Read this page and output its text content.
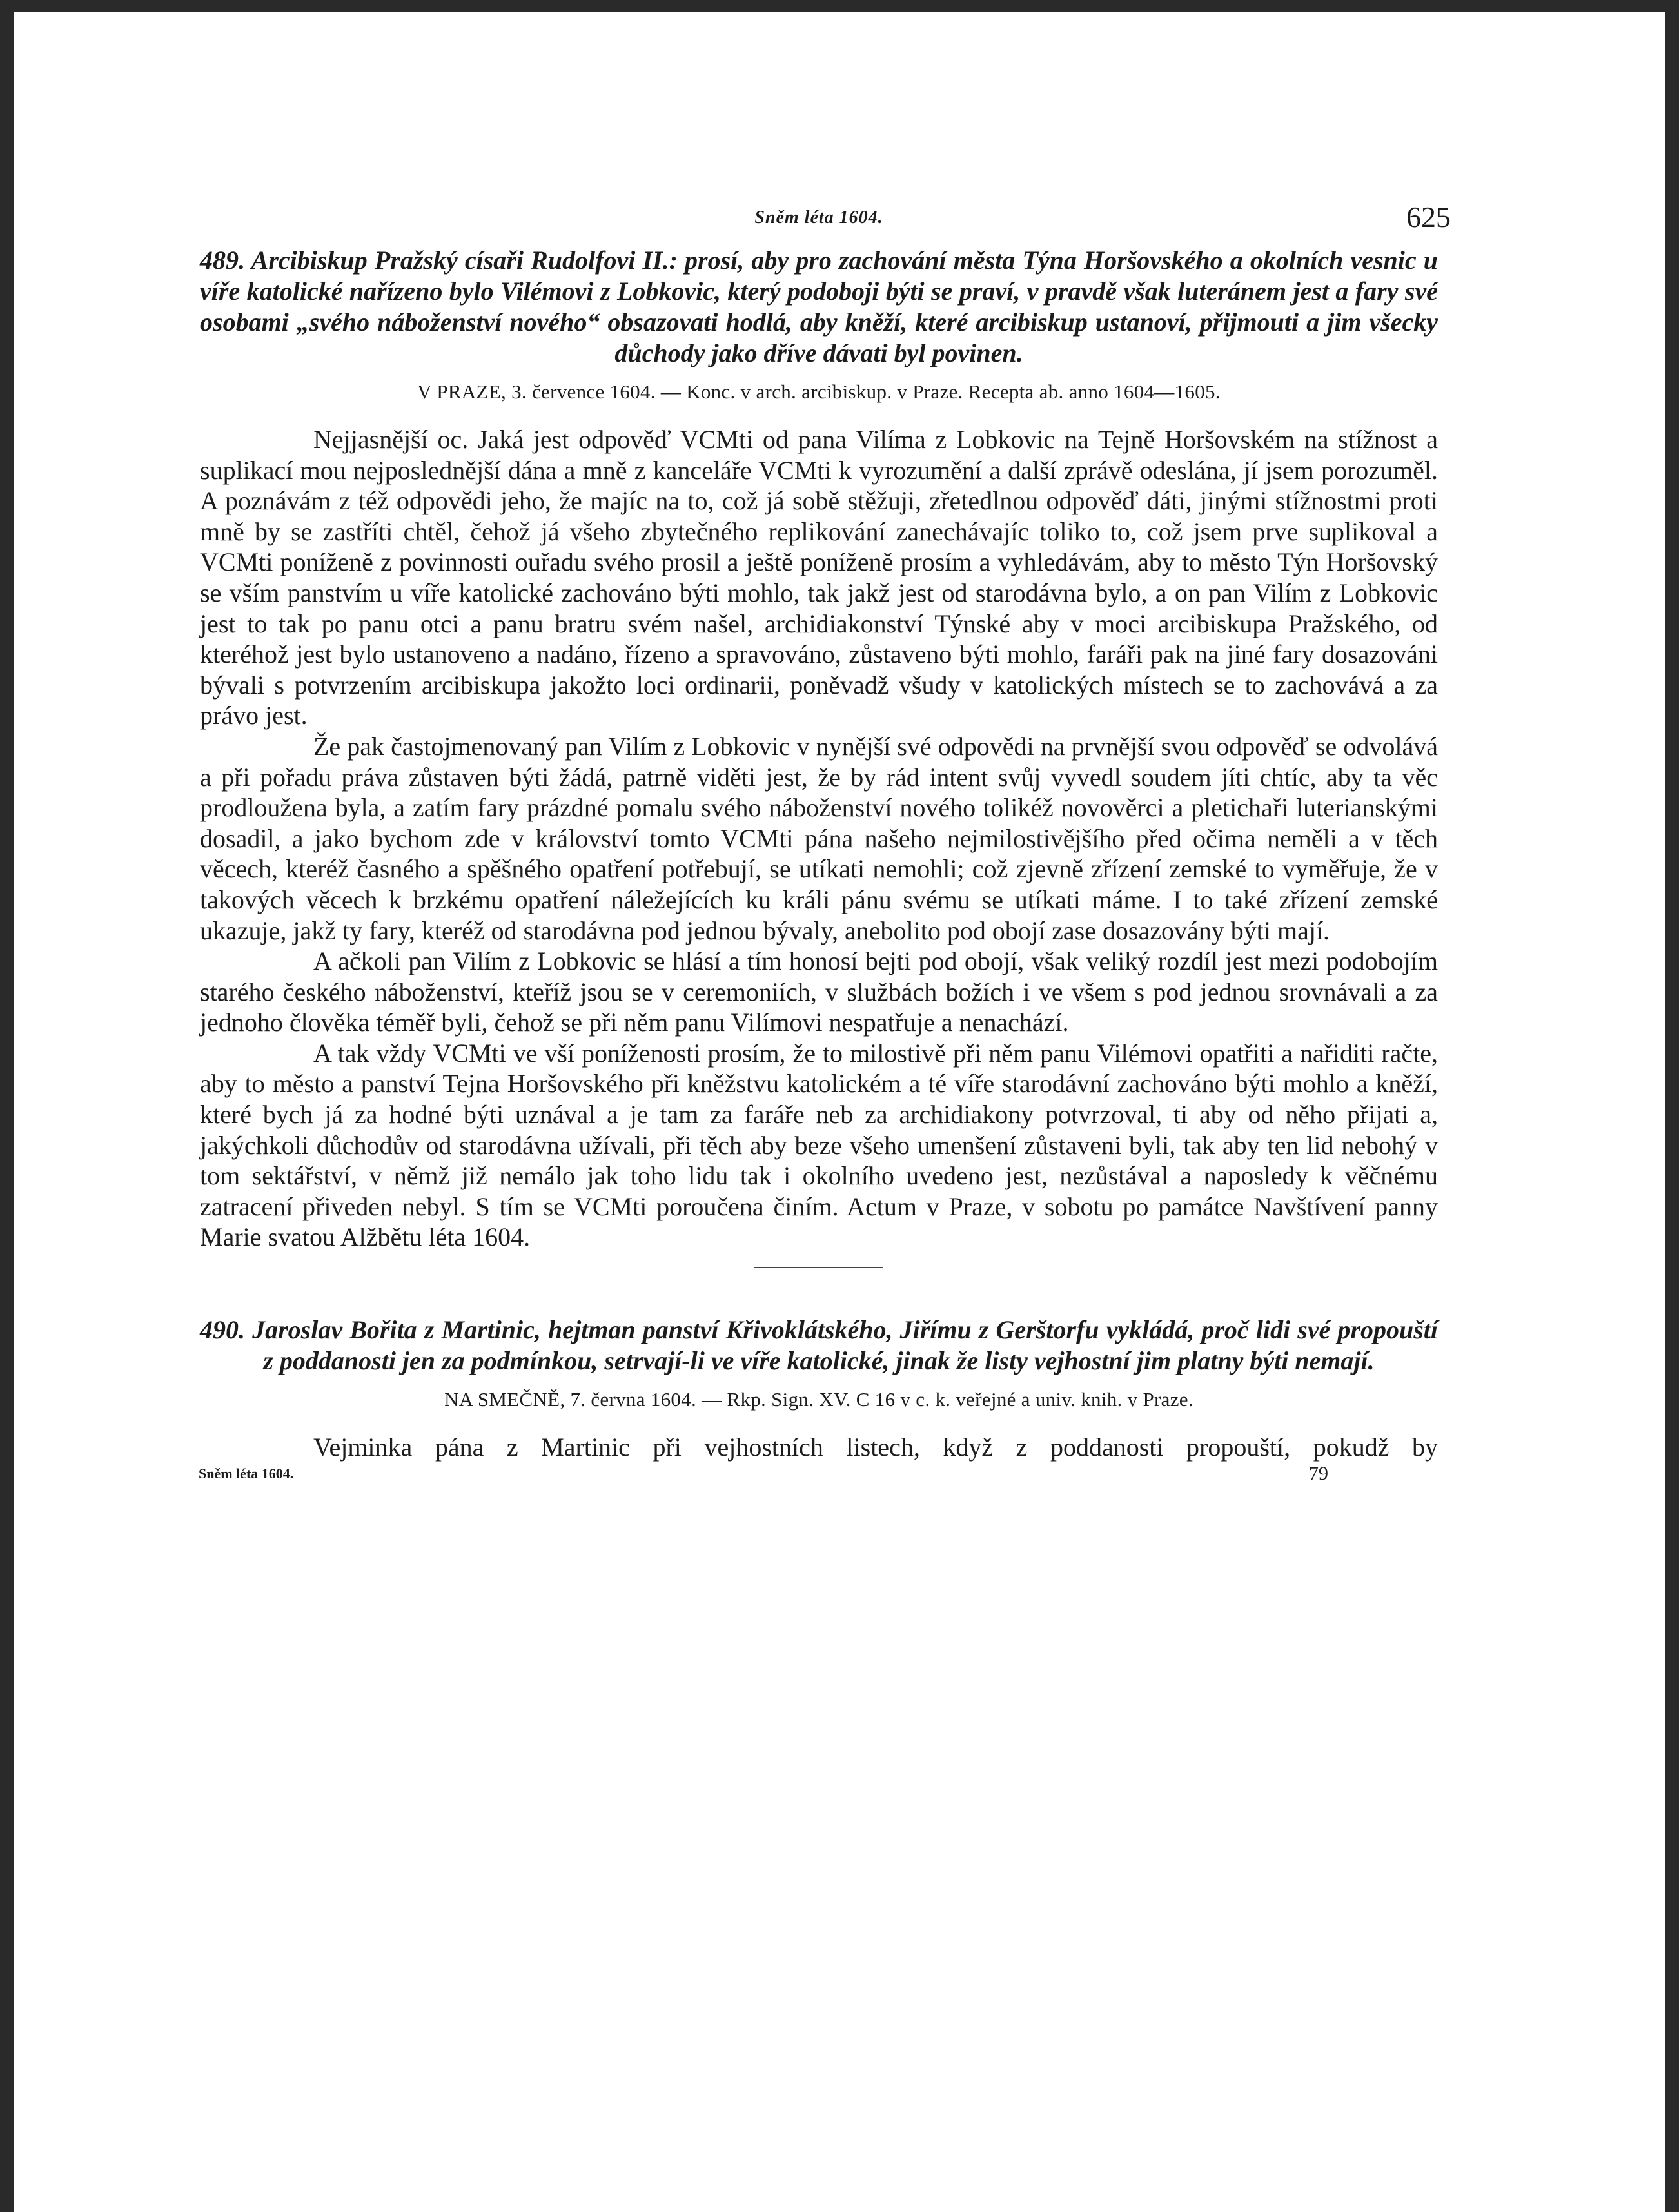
Sněm léta 1604.	625

489. Arcibiskup Pražský císaři Rudolfovi II.: prosí, aby pro zachování města Týna Horšovského a okolních vesnic u víře katolické nařízeno bylo Vilémovi z Lobkovic, který podoboji býti se praví, v pravdě však luteránem jest a fary své osobami „svého náboženství nového“ obsazovati hodlá, aby kněží, které arcibiskup ustanoví, přijmouti a jim všecky důchody jako dříve dávati byl povinen.

V PRAZE, 3. července 1604. — Konc. v arch. arcibiskup. v Praze. Recepta ab. anno 1604—1605.

Nejjasnější oc. Jaká jest odpověď VCMti od pana Vilíma z Lobkovic na Tejně Horšovském na stížnost a suplikací mou nejposlednější dána a mně z kanceláře VCMti k vyrozumění a další zprávě odeslána, jí jsem porozuměl. A poznávám z též odpovědi jeho, že majíc na to, což já sobě stěžuji, zřetedlnou odpověď dáti, jinými stížnostmi proti mně by se zastříti chtěl, čehož já všeho zbytečného replikování zanechávajíc toliko to, což jsem prve suplikoval a VCMti poníženě z povinnosti ouřadu svého prosil a ještě poníženě prosím a vyhledávám, aby to město Týn Horšovský se vším panstvím u víře katolické zachováno býti mohlo, tak jakž jest od starodávna bylo, a on pan Vilím z Lobkovic jest to tak po panu otci a panu bratru svém našel, archidiakonství Týnské aby v moci arcibiskupa Pražského, od kteréhož jest bylo ustanoveno a nadáno, řízeno a spravováno, zůstaveno býti mohlo, faráři pak na jiné fary dosazováni bývali s potvrzením arcibiskupa jakožto loci ordinarii, poněvadž všudy v katolických místech se to zachovává a za právo jest.

Že pak častojmenovaný pan Vilím z Lobkovic v nynější své odpovědi na prvnější svou odpověď se odvolává a při pořadu práva zůstaven býti žádá, patrně viděti jest, že by rád intent svůj vyvedl soudem jíti chtíc, aby ta věc prodloužena byla, a zatím fary prázdné pomalu svého náboženství nového tolikéž novověrci a pletichaři luterianskými dosadil, a jako bychom zde v království tomto VCMti pána našeho nejmilostivějšího před očima neměli a v těch věcech, kteréž časného a spěšného opatření potřebují, se utíkati nemohli; což zjevně zřízení zemské to vyměřuje, že v takových věcech k brzkému opatření náležejících ku králi pánu svému se utíkati máme. I to také zřízení zemské ukazuje, jakž ty fary, kteréž od starodávna pod jednou bývaly, anebolito pod obojí zase dosazovány býti mají.

A ačkoli pan Vilím z Lobkovic se hlásí a tím honosí bejti pod obojí, však veliký rozdíl jest mezi podobojím starého českého náboženství, kteříž jsou se v ceremoniích, v službách božích i ve všem s pod jednou srovnávali a za jednoho člověka téměř byli, čehož se při něm panu Vilímovi nespatřuje a nenachází.

A tak vždy VCMti ve vší poníženosti prosím, že to milostivě při něm panu Vilémovi opatřiti a nařiditi račte, aby to město a panství Tejna Horšovského při kněžstvu katolickém a té víře starodávní zachováno býti mohlo a kněží, které bych já za hodné býti uznával a je tam za faráře neb za archidiakony potvrzoval, ti aby od něho přijati a, jakýchkoli důchodův od starodávna užívali, při těch aby beze všeho umenšení zůstaveni byli, tak aby ten lid nebohý v tom sektářství, v němž již nemálo jak toho lidu tak i okolního uvedeno jest, nezůstával a naposledy k věčnému zatracení přiveden nebyl. S tím se VCMti poroučena činím. Actum v Praze, v sobotu po památce Navštívení panny Marie svatou Alžbětu léta 1604.

490. Jaroslav Bořita z Martinic, hejtman panství Křivoklátského, Jiřímu z Gerštorfu vykládá, proč lidi své propouští z poddanosti jen za podmínkou, setrvají-li ve víře katolické, jinak že listy vejhostní jim platny býti nemají.

NA SMEČNĚ, 7. června 1604. — Rkp. Sign. XV. C 16 v c. k. veřejné a univ. knih. v Praze.

Vejminka pána z Martinic při vejhostních listech, když z poddanosti propouští, pokudž by

Sněm léta 1604.	79
